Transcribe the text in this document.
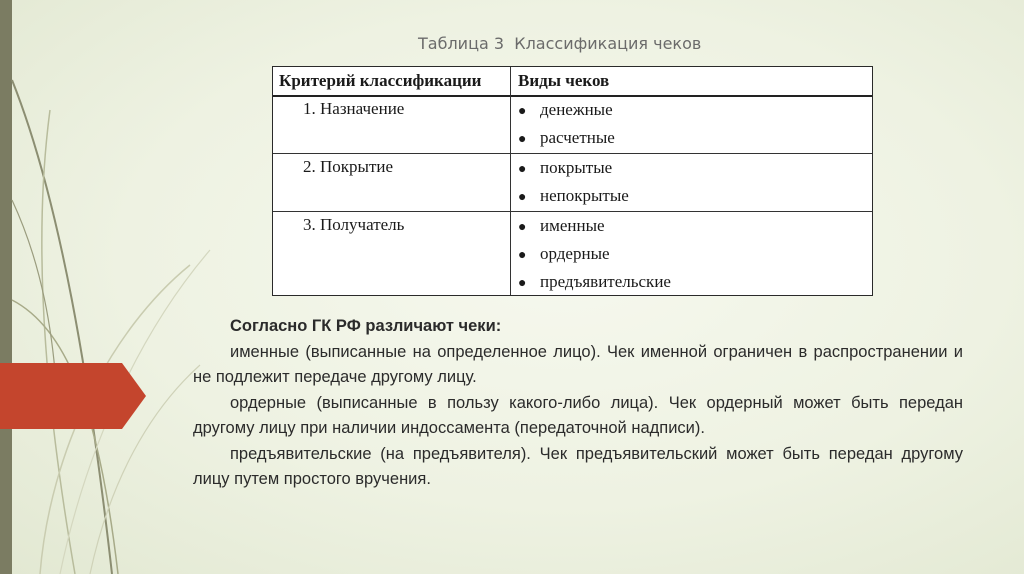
Таблица 3  Классификация чеков
Критерий классификации Виды чеков
1. Назначение	● денежные
● расчетные
2. Покрытие	● покрытые
● непокрытые
3. Получатель	● именные
● ордерные
● предъявительские
Согласно ГК РФ различают чеки:

именные (выписанные на определенное лицо). Чек именной ограничен в распространении и не подлежит передаче другому лицу.

ордерные (выписанные в пользу какого-либо лица). Чек ордерный может быть передан другому лицу при наличии индоссамента (передаточной надписи).

предъявительские (на предъявителя). Чек предъявительский может быть передан другому лицу путем простого вручения.
